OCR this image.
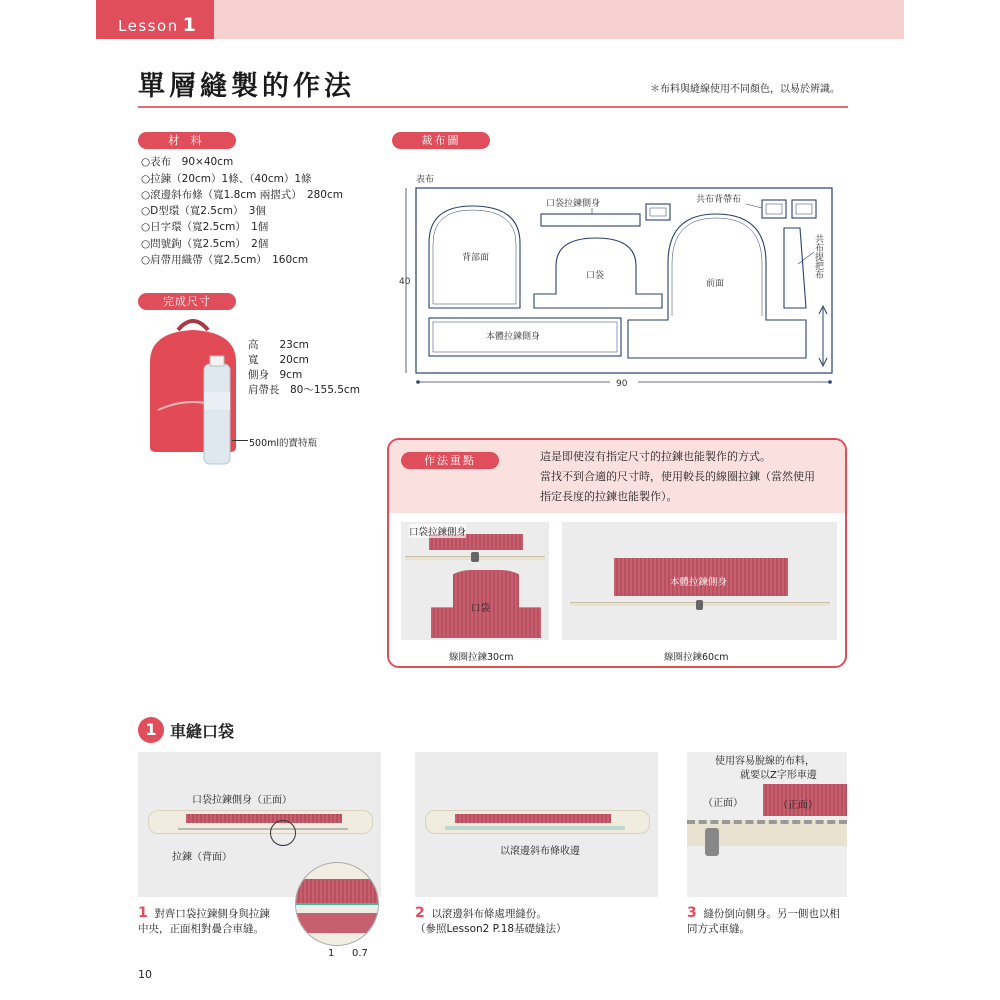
Lesson 1
單層縫製的作法	＊布料與縫線使用不同顏色，以易於辨識。
材 料
○表布　90×40cm
○拉鍊（20cm）1條、（40cm）1條
○滾邊斜布條（寬1.8cm 兩摺式）　280cm
○D型環（寬2.5cm）　3個
○日字環（寬2.5cm）　1個
○問號鉤（寬2.5cm）　2個
○肩帶用織帶（寬2.5cm）　160cm
完成尺寸
高　　23cm
寬　　20cm
側身　9cm
肩帶長　80～155.5cm
500ml的寶特瓶
裁布圖
表布
40
90
背部面
口袋拉鍊側身
口袋
共布背帶布
前面
共布提把布
本體拉鍊側身
作法重點	這是即使沒有指定尺寸的拉鍊也能製作的方式。
當找不到合適的尺寸時，使用較長的線圈拉鍊（當然使用
指定長度的拉鍊也能製作）。
口袋
口袋拉鍊側身
線圈拉鍊30cm
本體拉鍊側身
線圈拉鍊60cm
1 車縫口袋
口袋拉鍊側身（正面）
拉鍊（背面）
1 0.7
1 對齊口袋拉鍊側身與拉鍊
中央，正面相對疊合車縫。
以滾邊斜布條收邊
2 以滾邊斜布條處理縫份。
（參照Lesson2 P.18基礎縫法）
使用容易脫線的布料，
就要以Z字形車邊
（正面）	（正面）
3 縫份倒向側身。另一側也以相
同方式車縫。
10
